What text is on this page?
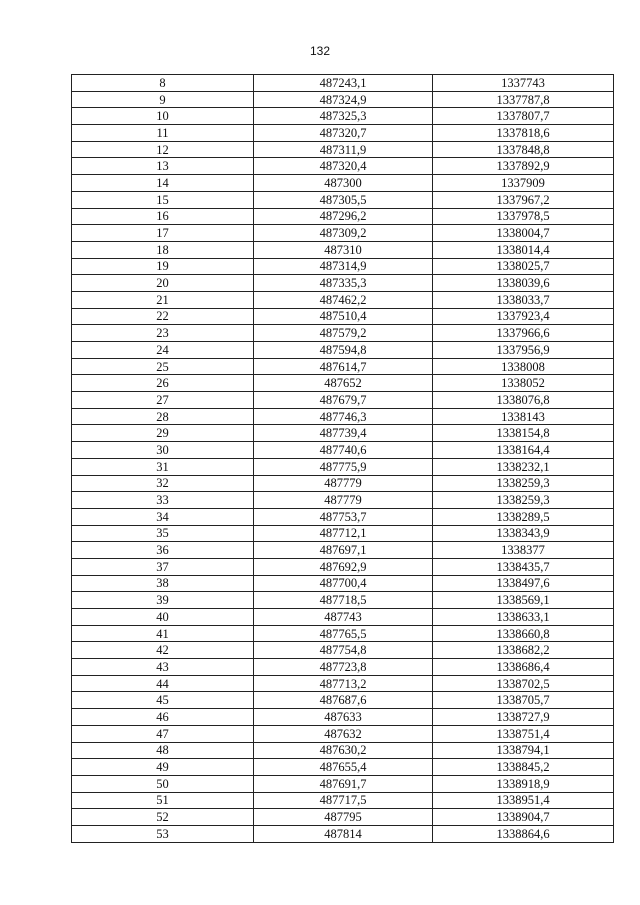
132
8	487243,1	1337743
9	487324,9	1337787,8
10	487325,3	1337807,7
11	487320,7	1337818,6
12	487311,9	1337848,8
13	487320,4	1337892,9
14	487300	1337909
15	487305,5	1337967,2
16	487296,2	1337978,5
17	487309,2	1338004,7
18	487310	1338014,4
19	487314,9	1338025,7
20	487335,3	1338039,6
21	487462,2	1338033,7
22	487510,4	1337923,4
23	487579,2	1337966,6
24	487594,8	1337956,9
25	487614,7	1338008
26	487652	1338052
27	487679,7	1338076,8
28	487746,3	1338143
29	487739,4	1338154,8
30	487740,6	1338164,4
31	487775,9	1338232,1
32	487779	1338259,3
33	487779	1338259,3
34	487753,7	1338289,5
35	487712,1	1338343,9
36	487697,1	1338377
37	487692,9	1338435,7
38	487700,4	1338497,6
39	487718,5	1338569,1
40	487743	1338633,1
41	487765,5	1338660,8
42	487754,8	1338682,2
43	487723,8	1338686,4
44	487713,2	1338702,5
45	487687,6	1338705,7
46	487633	1338727,9
47	487632	1338751,4
48	487630,2	1338794,1
49	487655,4	1338845,2
50	487691,7	1338918,9
51	487717,5	1338951,4
52	487795	1338904,7
53	487814	1338864,6
